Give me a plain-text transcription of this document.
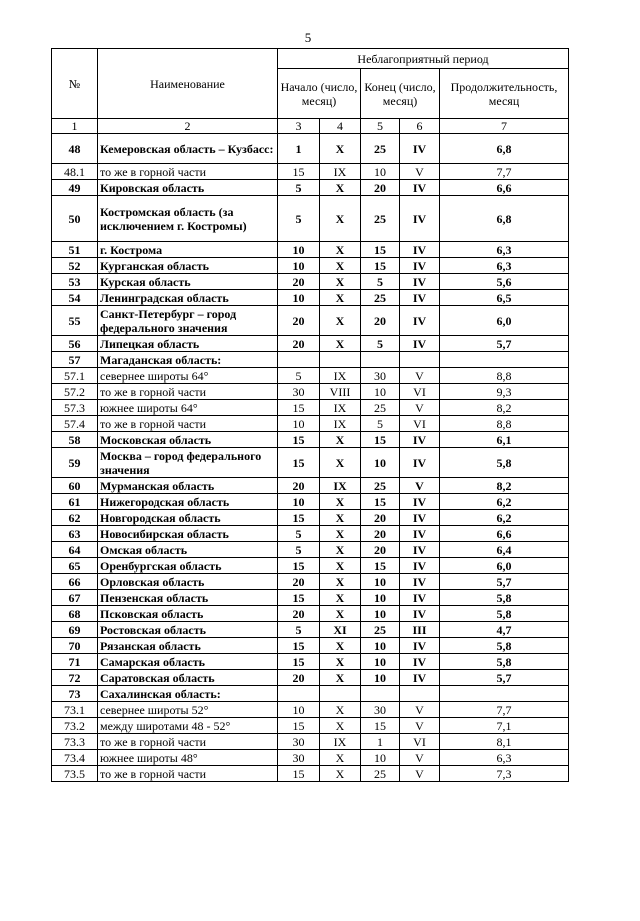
5
№	Наименование	Неблагоприятный период				
		Начало (число, месяц)		Конец (число, месяц)		Продолжительность, месяц
1	2	3	4	5	6	7
48	Кемеровская область – Кузбасс:	1	X	25	IV	6,8
48.1	то же в горной части	15	IX	10	V	7,7
49	Кировская область	5	X	20	IV	6,6
50	Костромская область (за исключением г. Костромы)	5	X	25	IV	6,8
51	г. Кострома	10	X	15	IV	6,3
52	Курганская область	10	X	15	IV	6,3
53	Курская область	20	X	5	IV	5,6
54	Ленинградская область	10	X	25	IV	6,5
55	Санкт-Петербург – город федерального значения	20	X	20	IV	6,0
56	Липецкая область	20	X	5	IV	5,7
57	Магаданская область:					
57.1	севернее широты 64°	5	IX	30	V	8,8
57.2	то же в горной части	30	VIII	10	VI	9,3
57.3	южнее широты 64°	15	IX	25	V	8,2
57.4	то же в горной части	10	IX	5	VI	8,8
58	Московская область	15	X	15	IV	6,1
59	Москва – город федерального значения	15	X	10	IV	5,8
60	Мурманская область	20	IX	25	V	8,2
61	Нижегородская область	10	X	15	IV	6,2
62	Новгородская область	15	X	20	IV	6,2
63	Новосибирская область	5	X	20	IV	6,6
64	Омская область	5	X	20	IV	6,4
65	Оренбургская область	15	X	15	IV	6,0
66	Орловская область	20	X	10	IV	5,7
67	Пензенская область	15	X	10	IV	5,8
68	Псковская область	20	X	10	IV	5,8
69	Ростовская область	5	XI	25	III	4,7
70	Рязанская область	15	X	10	IV	5,8
71	Самарская область	15	X	10	IV	5,8
72	Саратовская область	20	X	10	IV	5,7
73	Сахалинская область:					
73.1	севернее широты 52°	10	X	30	V	7,7
73.2	между широтами 48 - 52°	15	X	15	V	7,1
73.3	то же в горной части	30	IX	1	VI	8,1
73.4	южнее широты 48°	30	X	10	V	6,3
73.5	то же в горной части	15	X	25	V	7,3
